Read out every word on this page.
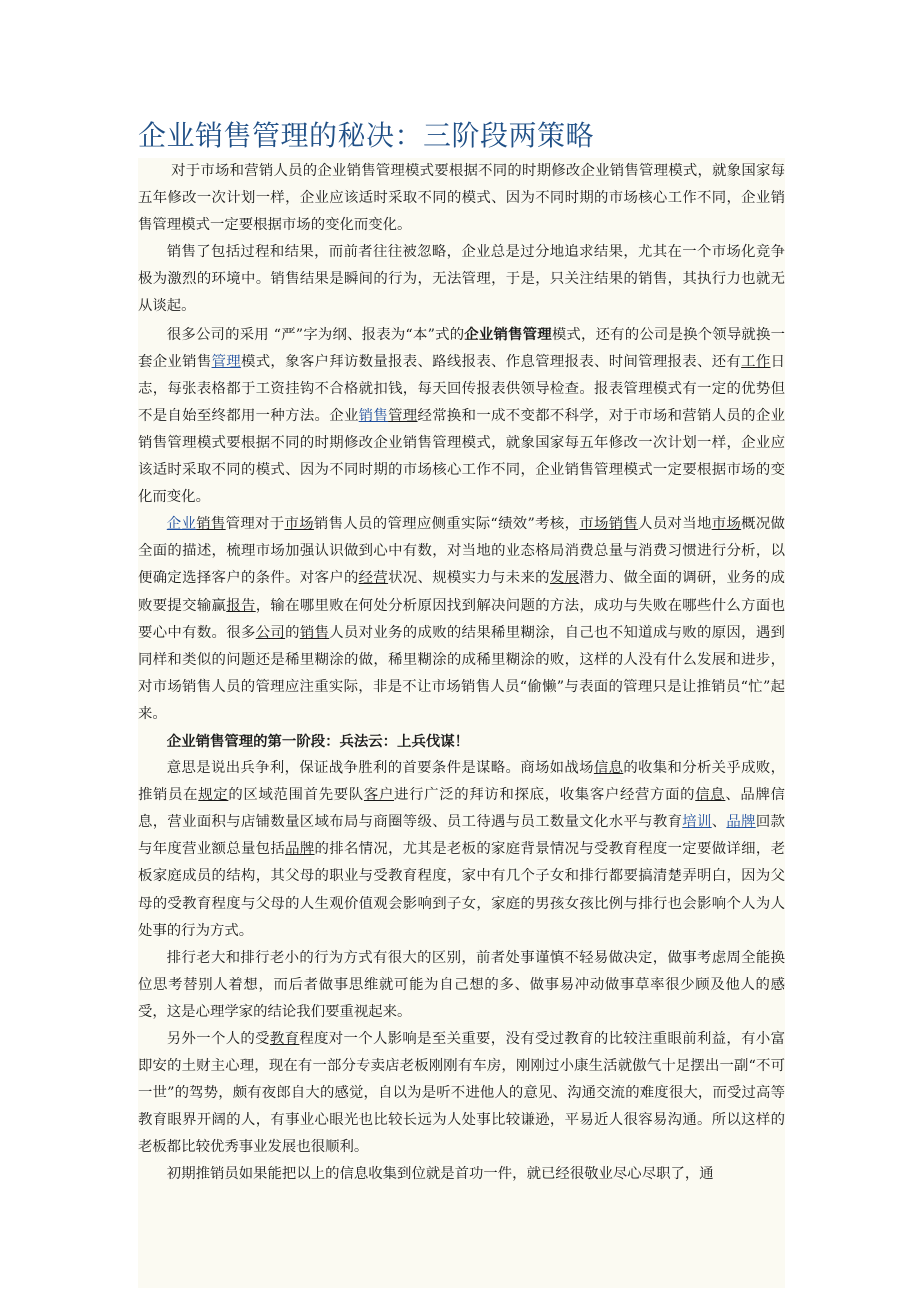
企业销售管理的秘决：三阶段两策略

对于市场和营销人员的企业销售管理模式要根据不同的时期修改企业销售管理模式，就象国家每五年修改一次计划一样，企业应该适时采取不同的模式、因为不同时期的市场核心工作不同，企业销售管理模式一定要根据市场的变化而变化。

销售了包括过程和结果，而前者往往被忽略，企业总是过分地追求结果，尤其在一个市场化竞争极为激烈的环境中。销售结果是瞬间的行为，无法管理，于是，只关注结果的销售，其执行力也就无从谈起。

很多公司的采用 “严”字为纲、报表为“本”式的企业销售管理模式，还有的公司是换个领导就换一套企业销售管理模式，象客户拜访数量报表、路线报表、作息管理报表、时间管理报表、还有工作日志，每张表格都于工资挂钩不合格就扣钱，每天回传报表供领导检查。报表管理模式有一定的优势但不是自始至终都用一种方法。企业销售管理经常换和一成不变都不科学，对于市场和营销人员的企业销售管理模式要根据不同的时期修改企业销售管理模式，就象国家每五年修改一次计划一样，企业应该适时采取不同的模式、因为不同时期的市场核心工作不同，企业销售管理模式一定要根据市场的变化而变化。

企业销售管理对于市场销售人员的管理应侧重实际“绩效”考核，市场销售人员对当地市场概况做全面的描述，梳理市场加强认识做到心中有数，对当地的业态格局消费总量与消费习惯进行分析，以便确定选择客户的条件。对客户的经营状况、规模实力与未来的发展潜力、做全面的调研，业务的成败要提交输赢报告，输在哪里败在何处分析原因找到解决问题的方法，成功与失败在哪些什么方面也要心中有数。很多公司的销售人员对业务的成败的结果稀里糊涂，自己也不知道成与败的原因，遇到同样和类似的问题还是稀里糊涂的做，稀里糊涂的成稀里糊涂的败，这样的人没有什么发展和进步，对市场销售人员的管理应注重实际，非是不让市场销售人员“偷懒”与表面的管理只是让推销员“忙”起来。

企业销售管理的第一阶段：兵法云：上兵伐谋！

意思是说出兵争利，保证战争胜利的首要条件是谋略。商场如战场信息的收集和分析关乎成败，推销员在规定的区域范围首先要队客户进行广泛的拜访和探底，收集客户经营方面的信息、品牌信息，营业面积与店铺数量区域布局与商圈等级、员工待遇与员工数量文化水平与教育培训、品牌回款与年度营业额总量包括品牌的排名情况，尤其是老板的家庭背景情况与受教育程度一定要做详细，老板家庭成员的结构，其父母的职业与受教育程度，家中有几个子女和排行都要搞清楚弄明白，因为父母的受教育程度与父母的人生观价值观会影响到子女，家庭的男孩女孩比例与排行也会影响个人为人处事的行为方式。

排行老大和排行老小的行为方式有很大的区别，前者处事谨慎不轻易做决定，做事考虑周全能换位思考替别人着想，而后者做事思维就可能为自己想的多、做事易冲动做事草率很少顾及他人的感受，这是心理学家的结论我们要重视起来。

另外一个人的受教育程度对一个人影响是至关重要，没有受过教育的比较注重眼前利益，有小富即安的土财主心理，现在有一部分专卖店老板刚刚有车房，刚刚过小康生活就傲气十足摆出一副“不可一世”的驾势，颇有夜郎自大的感觉，自以为是听不进他人的意见、沟通交流的难度很大，而受过高等教育眼界开阔的人，有事业心眼光也比较长远为人处事比较谦逊，平易近人很容易沟通。所以这样的老板都比较优秀事业发展也很顺利。

初期推销员如果能把以上的信息收集到位就是首功一件，就已经很敬业尽心尽职了，通
